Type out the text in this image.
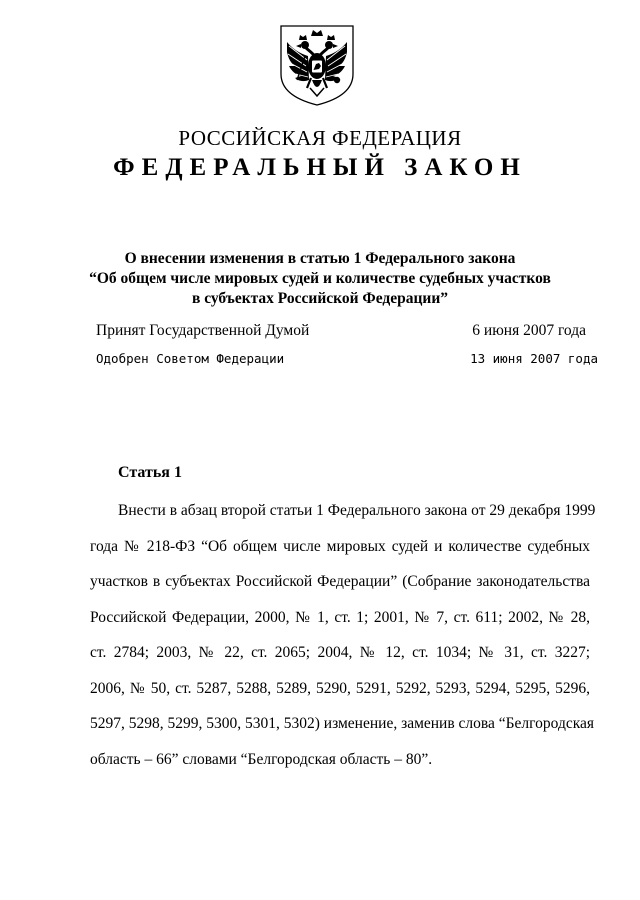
РОССИЙСКАЯ ФЕДЕРАЦИЯ
ФЕДЕРАЛЬНЫЙ ЗАКОН
О внесении изменения в статью 1 Федерального закона
“Об общем числе мировых судей и количестве судебных участков
в субъектах Российской Федерации”
Принят Государственной Думой	6 июня 2007 года
Одобрен Советом Федерации	13 июня 2007 года
Статья 1
Внести в абзац второй статьи 1 Федерального закона от 29 декабря 1999
года № 218-ФЗ “Об общем числе мировых судей и количестве судебных
участков в субъектах Российской Федерации” (Собрание законодательства
Российской Федерации, 2000, № 1, ст. 1; 2001, № 7, ст. 611; 2002, № 28,
ст. 2784; 2003, № 22, ст. 2065; 2004, № 12, ст. 1034; № 31, ст. 3227;
2006, № 50, ст. 5287, 5288, 5289, 5290, 5291, 5292, 5293, 5294, 5295, 5296,
5297, 5298, 5299, 5300, 5301, 5302) изменение, заменив слова “Белгородская
область – 66” словами “Белгородская область – 80”.
